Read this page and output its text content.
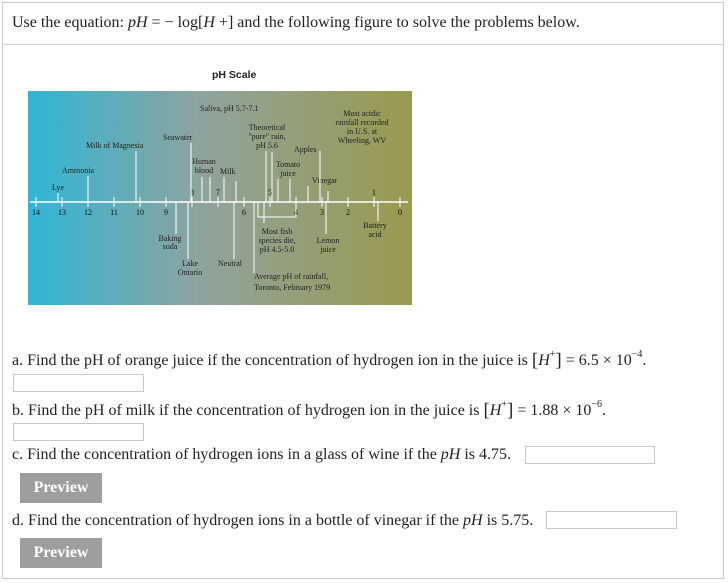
Use the equation: pH = − log[H +] and the following figure to solve the problems below.
pH Scale
14 13 12 11 10	9
8	7
6
5
4	3	2
1
0
Saliva, pH 5.7-7.1
Most acidic
rainfall recorded
in U.S. at
Wheeling, WV
Theoretical
"pure" rain,
pH 5.6
Seawater
Milk of Magnesia	Apples
Human
blood Milk
Tomato
juice
Ammonia
Vinegar
Lye
Battery
acid
Baking
soda
Most fish
species die,
pH 4.5-5.0
Lemon
juice
Lake
Ontario
Neutral
Average pH of rainfall,
Toronto, February 1979
a. Find the pH of orange juice if the concentration of hydrogen ion in the juice is $[H^+] = 6.5 \times 10^{-4}$.
b. Find the pH of milk if the concentration of hydrogen ion in the juice is $[H^+] = 1.88 \times 10^{-6}$.
c. Find the concentration of hydrogen ions in a glass of wine if the pH is 4.75.
Preview
d. Find the concentration of hydrogen ions in a bottle of vinegar if the pH is 5.75.
Preview
